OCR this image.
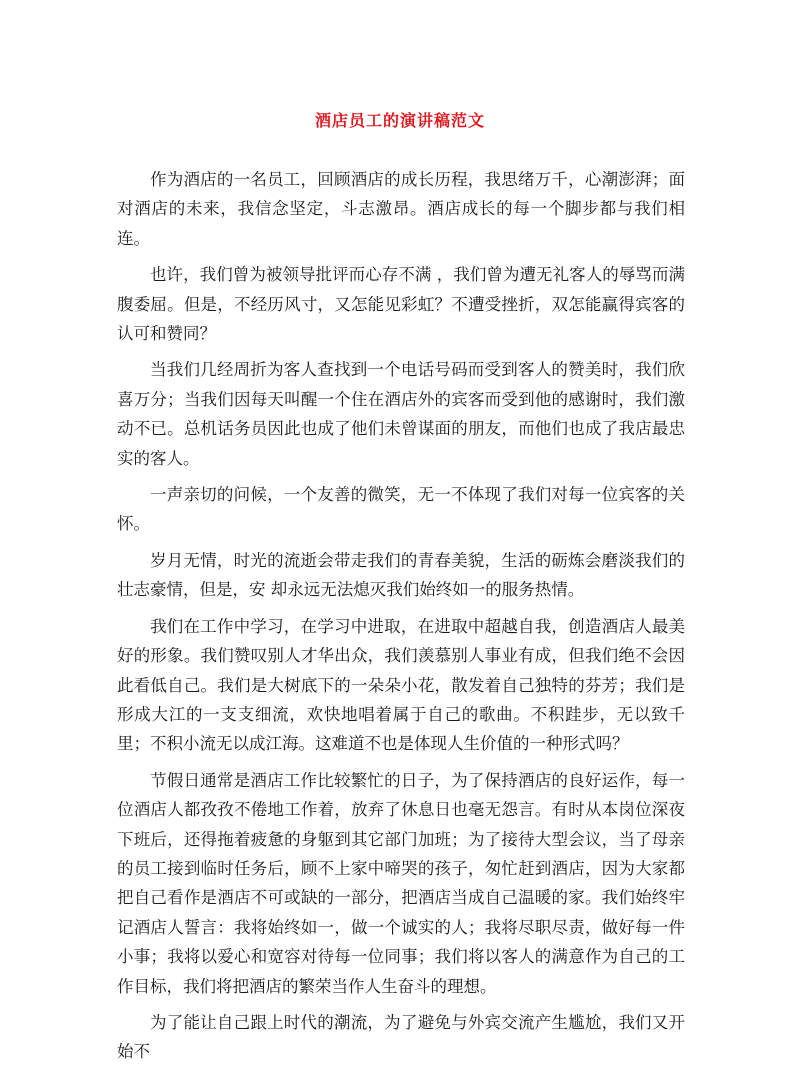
酒店员工的演讲稿范文

作为酒店的一名员工，回顾酒店的成长历程，我思绪万千，心潮澎湃；面对酒店的未来，我信念坚定，斗志激昂。酒店成长的每一个脚步都与我们相连。

也许，我们曾为被领导批评而心存不满 ，我们曾为遭无礼客人的辱骂而满腹委屈。但是，不经历风寸，又怎能见彩虹？不遭受挫折，双怎能赢得宾客的认可和赞同？

当我们几经周折为客人查找到一个电话号码而受到客人的赞美时，我们欣喜万分；当我们因每天叫醒一个住在酒店外的宾客而受到他的感谢时，我们激动不已。总机话务员因此也成了他们未曾谋面的朋友，而他们也成了我店最忠实的客人。

一声亲切的问候，一个友善的微笑，无一不体现了我们对每一位宾客的关怀。

岁月无情，时光的流逝会带走我们的青春美貌，生活的砺炼会磨淡我们的壮志豪情，但是，安 却永远无法熄灭我们始终如一的服务热情。

我们在工作中学习，在学习中进取，在进取中超越自我，创造酒店人最美好的形象。我们赞叹别人才华出众，我们羡慕别人事业有成，但我们绝不会因此看低自己。我们是大树底下的一朵朵小花，散发着自己独特的芬芳；我们是形成大江的一支支细流，欢快地唱着属于自己的歌曲。不积跬步，无以致千里；不积小流无以成江海。这难道不也是体现人生价值的一种形式吗？

节假日通常是酒店工作比较繁忙的日子，为了保持酒店的良好运作，每一位酒店人都孜孜不倦地工作着，放弃了休息日也毫无怨言。有时从本岗位深夜下班后，还得拖着疲惫的身躯到其它部门加班；为了接待大型会议，当了母亲的员工接到临时任务后，顾不上家中啼哭的孩子，匆忙赶到酒店，因为大家都把自己看作是酒店不可或缺的一部分，把酒店当成自己温暖的家。我们始终牢记酒店人誓言：我将始终如一，做一个诚实的人；我将尽职尽责，做好每一件小事；我将以爱心和宽容对待每一位同事；我们将以客人的满意作为自己的工作目标，我们将把酒店的繁荣当作人生奋斗的理想。

为了能让自己跟上时代的潮流，为了避免与外宾交流产生尴尬，我们又开始不
